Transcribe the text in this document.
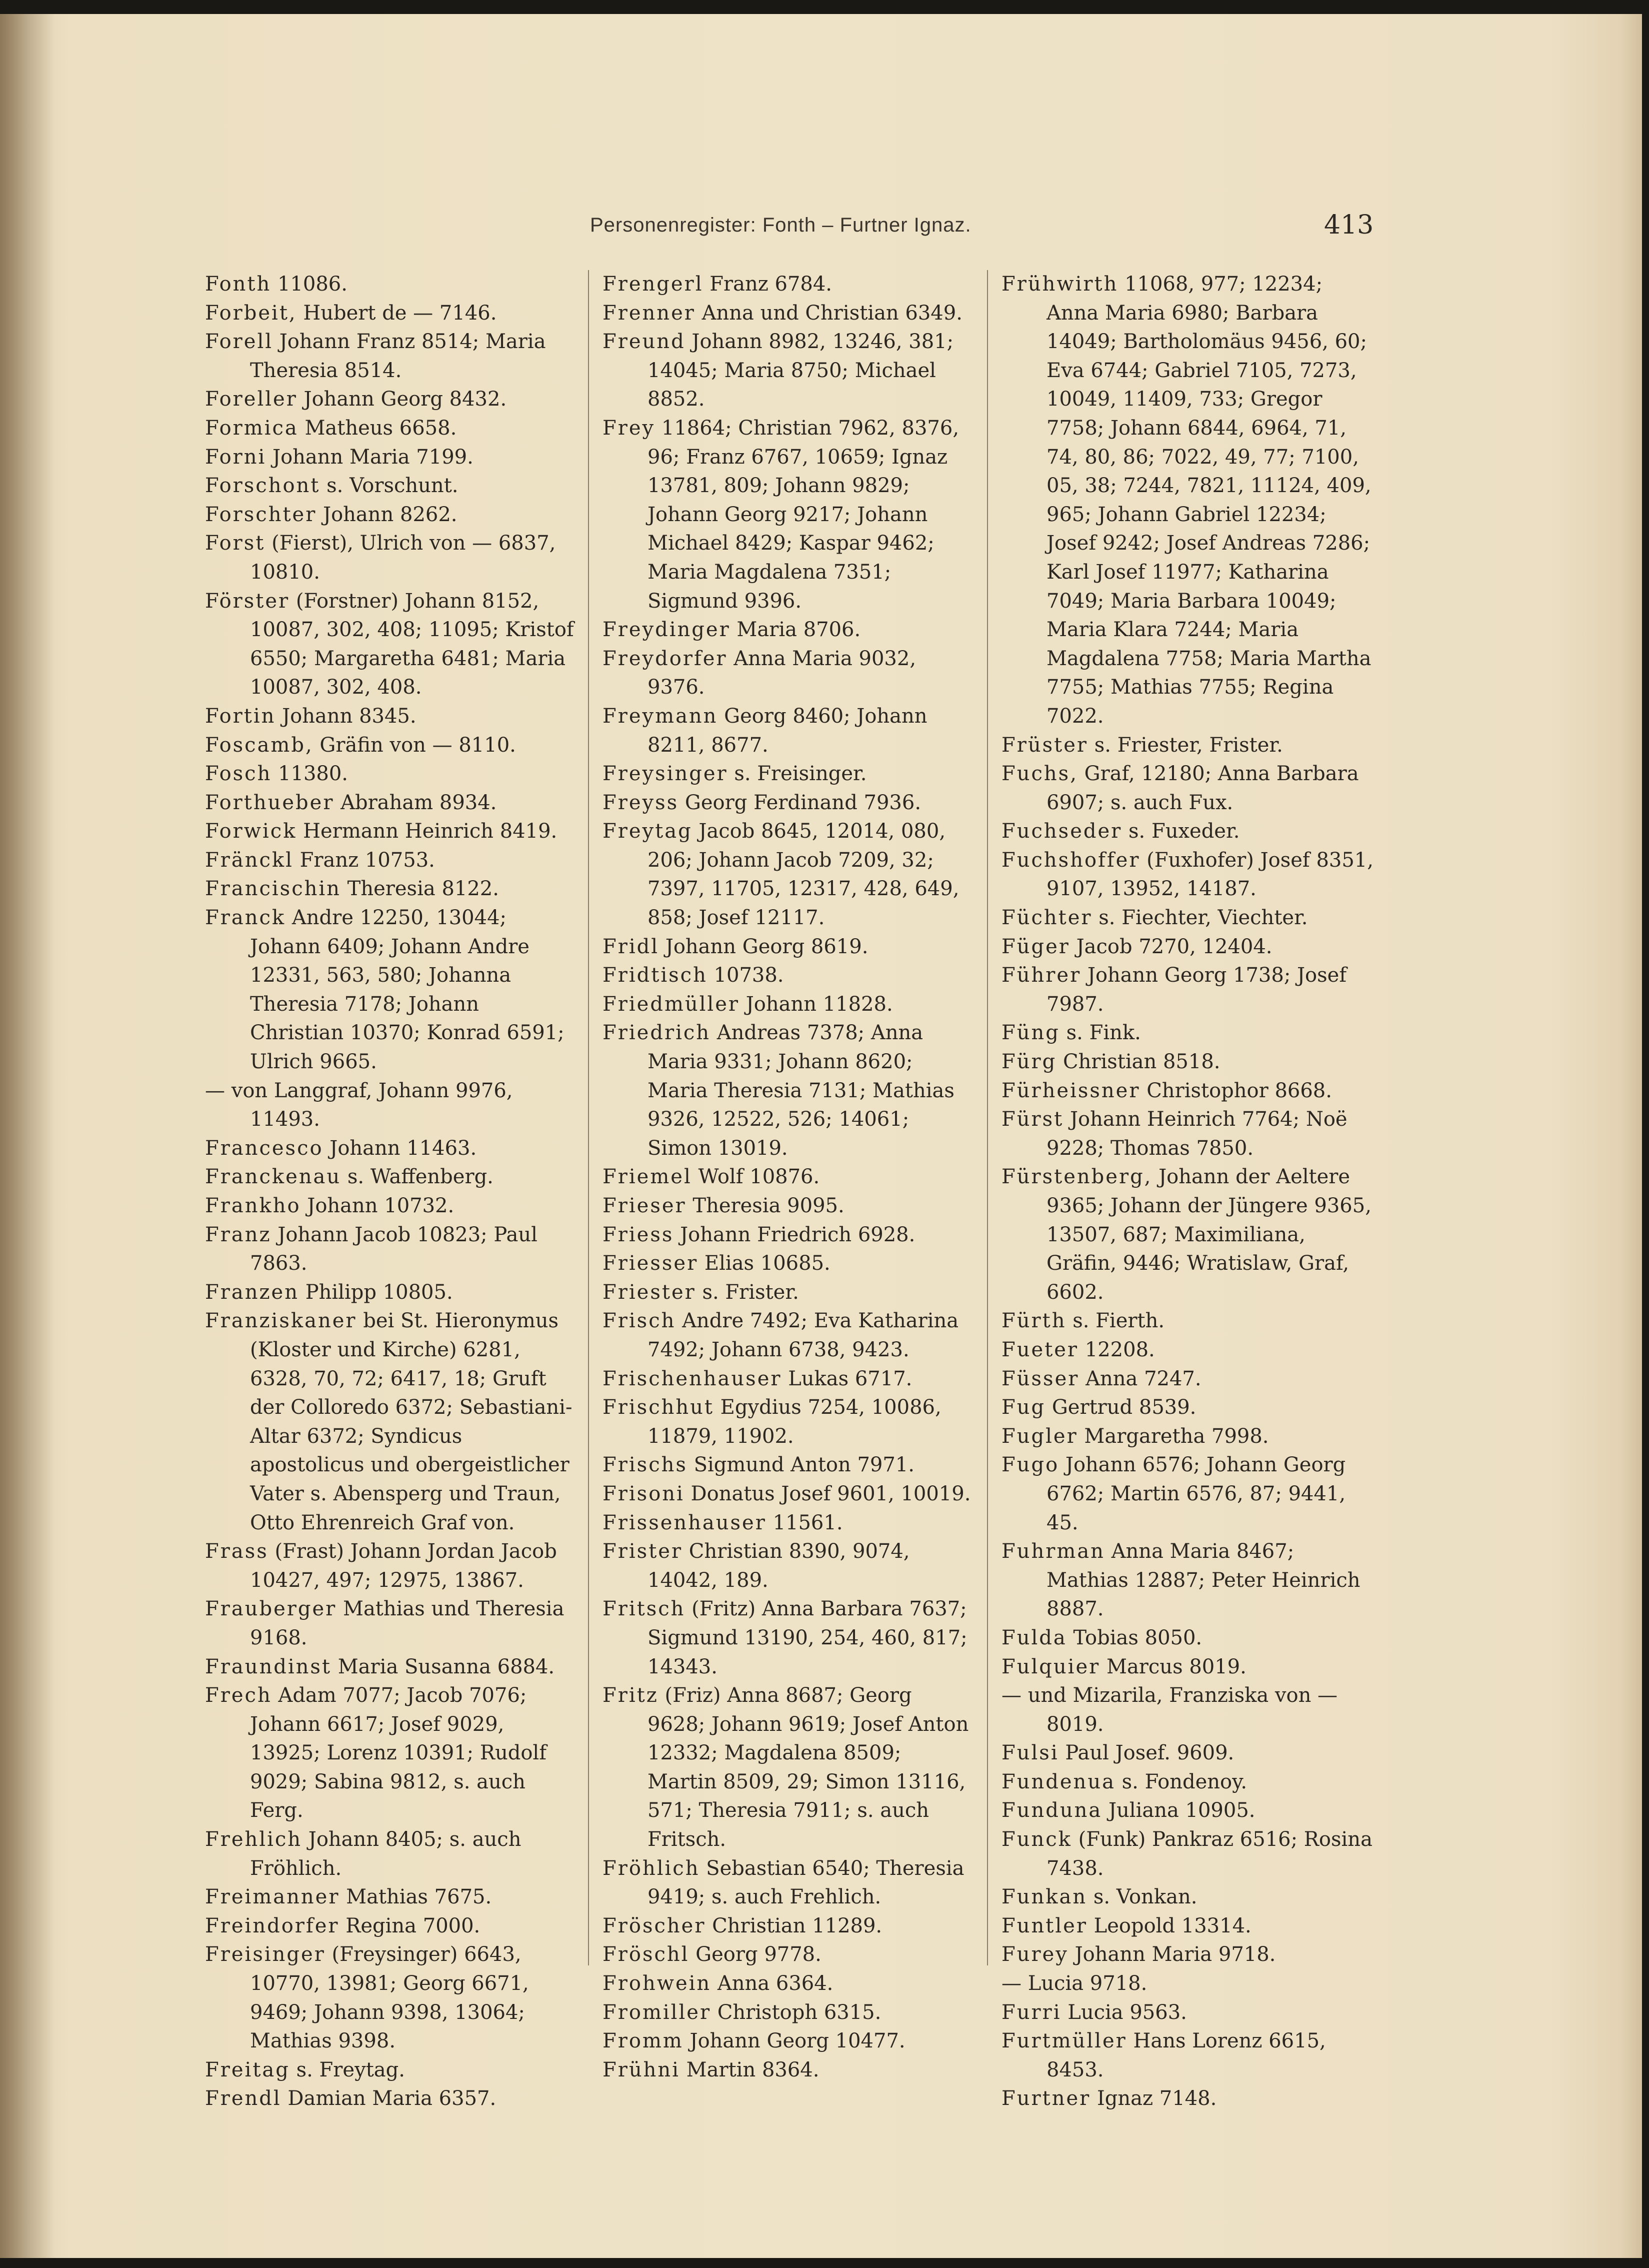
Personenregister: Fonth – Furtner Ignaz.	413
Fonth 11086.
Forbeit, Hubert de — 7146.
Forell Johann Franz 8514; Maria Theresia 8514.
Foreller Johann Georg 8432.
Formica Matheus 6658.
Forni Johann Maria 7199.
Forschont s. Vorschunt.
Forschter Johann 8262.
Forst (Fierst), Ulrich von — 6837, 10810.
Förster (Forstner) Johann 8152, 10087, 302, 408; 11095; Kristof 6550; Margaretha 6481; Maria 10087, 302, 408.
Fortin Johann 8345.
Foscamb, Gräfin von — 8110.
Fosch 11380.
Forthueber Abraham 8934.
Forwick Hermann Heinrich 8419.
Fränckl Franz 10753.
Francischin Theresia 8122.
Franck Andre 12250, 13044; Johann 6409; Johann Andre 12331, 563, 580; Johanna Theresia 7178; Johann Christian 10370; Konrad 6591; Ulrich 9665.
— von Langgraf, Johann 9976, 11493.
Francesco Johann 11463.
Franckenau s. Waffenberg.
Frankho Johann 10732.
Franz Johann Jacob 10823; Paul 7863.
Franzen Philipp 10805.
Franziskaner bei St. Hieronymus (Kloster und Kirche) 6281, 6328, 70, 72; 6417, 18; Gruft der Colloredo 6372; Sebastiani-Altar 6372; Syndicus apostolicus und obergeistlicher Vater s. Abensperg und Traun, Otto Ehrenreich Graf von.
Frass (Frast) Johann Jordan Jacob 10427, 497; 12975, 13867.
Frauberger Mathias und Theresia 9168.
Fraundinst Maria Susanna 6884.
Frech Adam 7077; Jacob 7076; Johann 6617; Josef 9029, 13925; Lorenz 10391; Rudolf 9029; Sabina 9812, s. auch Ferg.
Frehlich Johann 8405; s. auch Fröhlich.
Freimanner Mathias 7675.
Freindorfer Regina 7000.
Freisinger (Freysinger) 6643, 10770, 13981; Georg 6671, 9469; Johann 9398, 13064; Mathias 9398.
Freitag s. Freytag.
Frendl Damian Maria 6357.
Frengerl Franz 6784.
Frenner Anna und Christian 6349.
Freund Johann 8982, 13246, 381; 14045; Maria 8750; Michael 8852.
Frey 11864; Christian 7962, 8376, 96; Franz 6767, 10659; Ignaz 13781, 809; Johann 9829; Johann Georg 9217; Johann Michael 8429; Kaspar 9462; Maria Magdalena 7351; Sigmund 9396.
Freydinger Maria 8706.
Freydorfer Anna Maria 9032, 9376.
Freymann Georg 8460; Johann 8211, 8677.
Freysinger s. Freisinger.
Freyss Georg Ferdinand 7936.
Freytag Jacob 8645, 12014, 080, 206; Johann Jacob 7209, 32; 7397, 11705, 12317, 428, 649, 858; Josef 12117.
Fridl Johann Georg 8619.
Fridtisch 10738.
Friedmüller Johann 11828.
Friedrich Andreas 7378; Anna Maria 9331; Johann 8620; Maria Theresia 7131; Mathias 9326, 12522, 526; 14061; Simon 13019.
Friemel Wolf 10876.
Frieser Theresia 9095.
Friess Johann Friedrich 6928.
Friesser Elias 10685.
Friester s. Frister.
Frisch Andre 7492; Eva Katharina 7492; Johann 6738, 9423.
Frischenhauser Lukas 6717.
Frischhut Egydius 7254, 10086, 11879, 11902.
Frischs Sigmund Anton 7971.
Frisoni Donatus Josef 9601, 10019.
Frissenhauser 11561.
Frister Christian 8390, 9074, 14042, 189.
Fritsch (Fritz) Anna Barbara 7637; Sigmund 13190, 254, 460, 817; 14343.
Fritz (Friz) Anna 8687; Georg 9628; Johann 9619; Josef Anton 12332; Magdalena 8509; Martin 8509, 29; Simon 13116, 571; Theresia 7911; s. auch Fritsch.
Fröhlich Sebastian 6540; Theresia 9419; s. auch Frehlich.
Fröscher Christian 11289.
Fröschl Georg 9778.
Frohwein Anna 6364.
Fromiller Christoph 6315.
Fromm Johann Georg 10477.
Frühni Martin 8364.
Frühwirth 11068, 977; 12234; Anna Maria 6980; Barbara 14049; Bartholomäus 9456, 60; Eva 6744; Gabriel 7105, 7273, 10049, 11409, 733; Gregor 7758; Johann 6844, 6964, 71, 74, 80, 86; 7022, 49, 77; 7100, 05, 38; 7244, 7821, 11124, 409, 965; Johann Gabriel 12234; Josef 9242; Josef Andreas 7286; Karl Josef 11977; Katharina 7049; Maria Barbara 10049; Maria Klara 7244; Maria Magdalena 7758; Maria Martha 7755; Mathias 7755; Regina 7022.
Früster s. Friester, Frister.
Fuchs, Graf, 12180; Anna Barbara 6907; s. auch Fux.
Fuchseder s. Fuxeder.
Fuchshoffer (Fuxhofer) Josef 8351, 9107, 13952, 14187.
Füchter s. Fiechter, Viechter.
Füger Jacob 7270, 12404.
Führer Johann Georg 1738; Josef 7987.
Füng s. Fink.
Fürg Christian 8518.
Fürheissner Christophor 8668.
Fürst Johann Heinrich 7764; Noë 9228; Thomas 7850.
Fürstenberg, Johann der Aeltere 9365; Johann der Jüngere 9365, 13507, 687; Maximiliana, Gräfin, 9446; Wratislaw, Graf, 6602.
Fürth s. Fierth.
Fueter 12208.
Füsser Anna 7247.
Fug Gertrud 8539.
Fugler Margaretha 7998.
Fugo Johann 6576; Johann Georg 6762; Martin 6576, 87; 9441, 45.
Fuhrman Anna Maria 8467; Mathias 12887; Peter Heinrich 8887.
Fulda Tobias 8050.
Fulquier Marcus 8019.
— und Mizarila, Franziska von — 8019.
Fulsi Paul Josef. 9609.
Fundenua s. Fondenoy.
Funduna Juliana 10905.
Funck (Funk) Pankraz 6516; Rosina 7438.
Funkan s. Vonkan.
Funtler Leopold 13314.
Furey Johann Maria 9718.
— Lucia 9718.
Furri Lucia 9563.
Furtmüller Hans Lorenz 6615, 8453.
Furtner Ignaz 7148.
